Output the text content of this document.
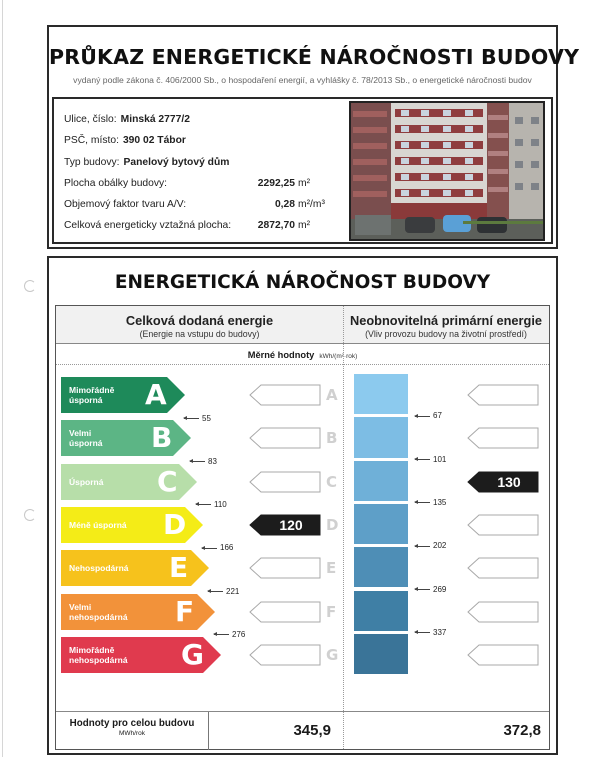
PRŮKAZ ENERGETICKÉ NÁROČNOSTI BUDOVY
vydaný podle zákona č. 406/2000 Sb., o hospodaření energií, a vyhlášky č. 78/2013 Sb., o energetické náročnosti budov
Ulice, číslo: Minská 2777/2
PSČ, místo: 390 02 Tábor
Typ budovy: Panelový bytový dům
Plocha obálky budovy:	2292,25 m²
Objemový faktor tvaru A/V:	0,28 m²/m³
Celková energeticky vztažná plocha:	2872,70 m²
ENERGETICKÁ NÁROČNOST BUDOVY
Celková dodaná energie
(Energie na vstupu do budovy)
Neobnovitelná primární energie
(Vliv provozu budovy na životní prostředí)
Měrné hodnoty kWh/(m²·rok)
Mimořádně
úsporná	A
55
A
67
Velmi
úsporná B
83
B
101
Úsporná C
110
C
135
130
Méně úsporná D
166
120	D
202
Nehospodárná E
221
E
269
Velmi
nehospodárná F
276
F
337
Mimořádně
nehospodárná G	G
Hodnoty pro celou budovu
MWh/rok	345,9	372,8
